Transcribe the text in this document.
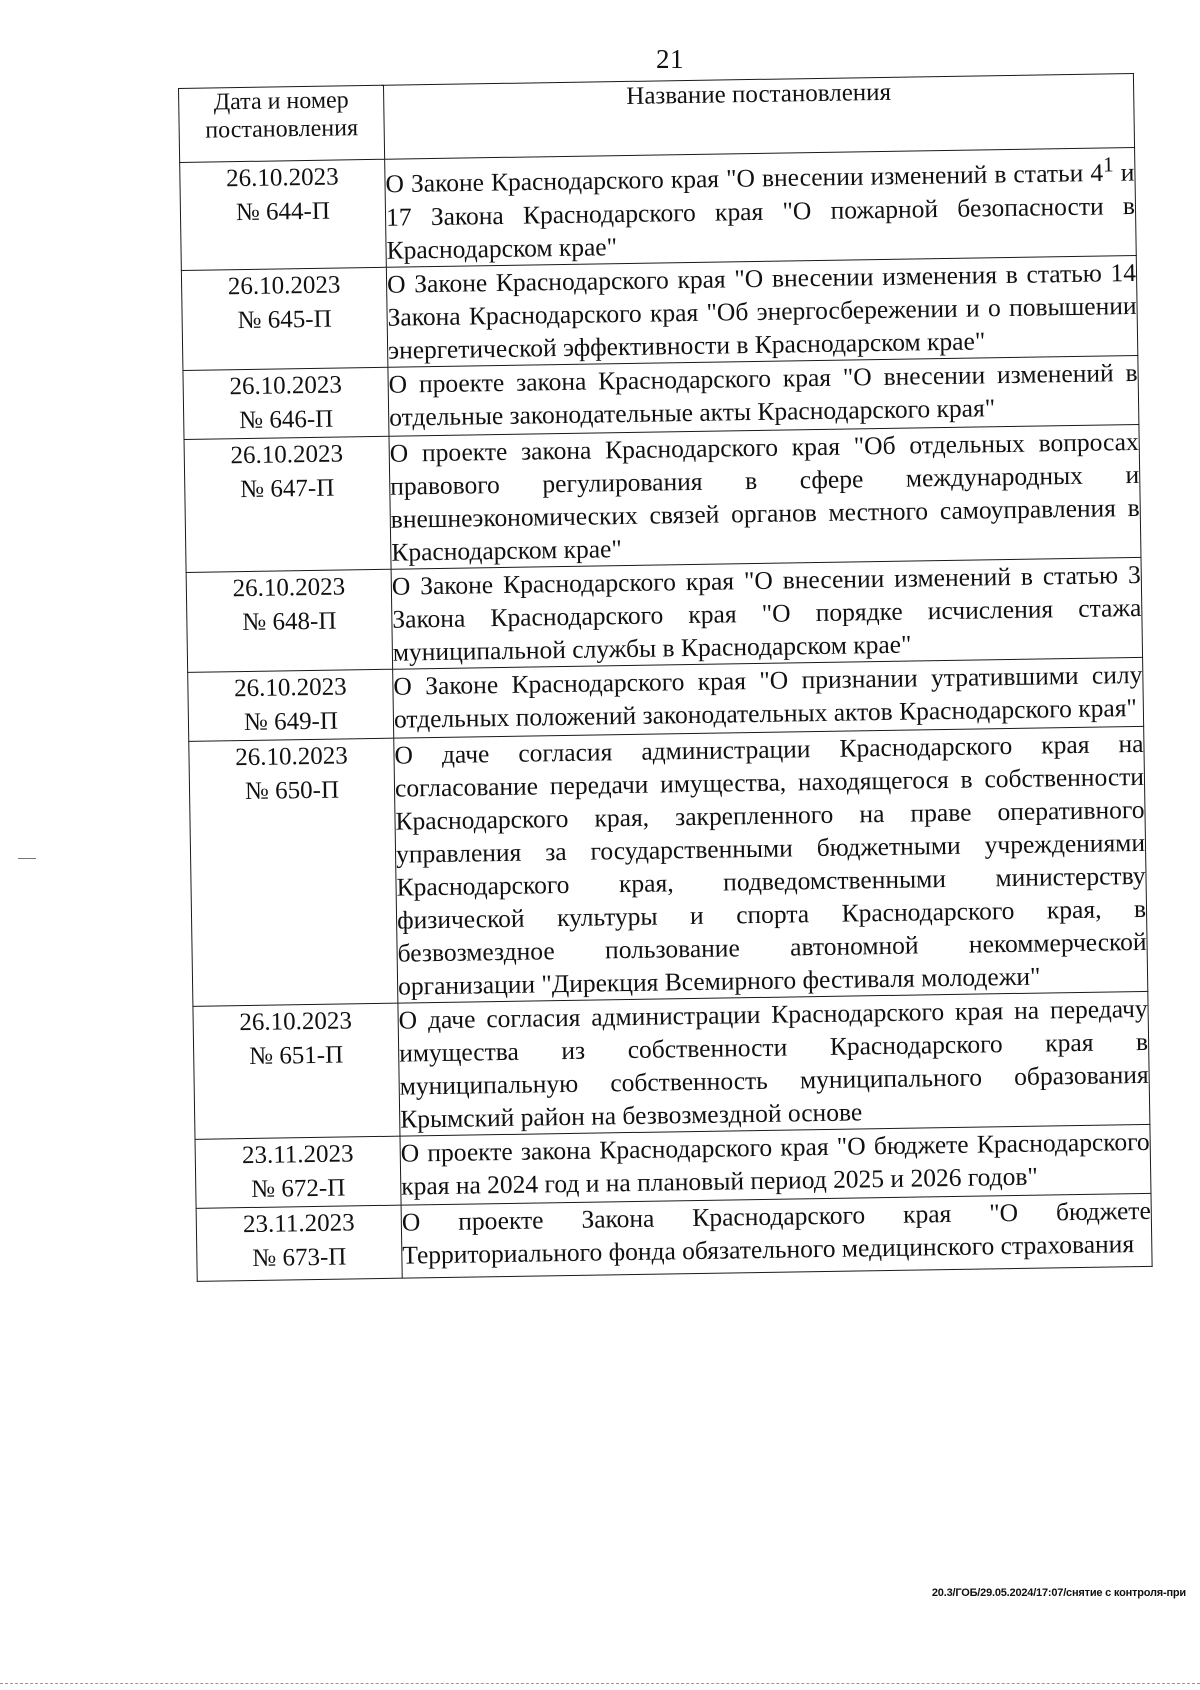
21
Дата и номер постановления	Название постановления

26.10.2023
№ 644-П	О Законе Краснодарского края "О внесении изменений в статьи $4^1$ и 17 Закона Краснодарского края "О пожарной безопасности в Краснодарском крае"

26.10.2023
№ 645-П	О Законе Краснодарского края "О внесении изменения в статью 14 Закона Краснодарского края "Об энергосбережении и о повышении энергетической эффективности в Краснодарском крае"

26.10.2023
№ 646-П	О проекте закона Краснодарского края "О внесении изменений в отдельные законодательные акты Краснодарского края"

26.10.2023
№ 647-П	О проекте закона Краснодарского края "Об отдельных вопросах правового регулирования в сфере международных и внешнеэкономических связей органов местного самоуправления в Краснодарском крае"

26.10.2023
№ 648-П	О Законе Краснодарского края "О внесении изменений в статью 3 Закона Краснодарского края "О порядке исчисления стажа муниципальной службы в Краснодарском крае"

26.10.2023
№ 649-П	О Законе Краснодарского края "О признании утратившими силу отдельных положений законодательных актов Краснодарского края"

26.10.2023
№ 650-П	О даче согласия администрации Краснодарского края на согласование передачи имущества, находящегося в собственности Краснодарского края, закрепленного на праве оперативного управления за государственными бюджетными учреждениями Краснодарского края, подведомственными министерству физической культуры и спорта Краснодарского края, в безвозмездное пользование автономной некоммерческой организации "Дирекция Всемирного фестиваля молодежи"

26.10.2023
№ 651-П	О даче согласия администрации Краснодарского края на передачу имущества из собственности Краснодарского края в муниципальную собственность муниципального образования Крымский район на безвозмездной основе

23.11.2023
№ 672-П	О проекте закона Краснодарского края "О бюджете Краснодарского края на 2024 год и на плановый период 2025 и 2026 годов"

23.11.2023
№ 673-П	О проекте Закона Краснодарского края "О бюджете Территориального фонда обязательного медицинского страхования
20.3/ГОБ/29.05.2024/17:07/снятие с контроля-при
